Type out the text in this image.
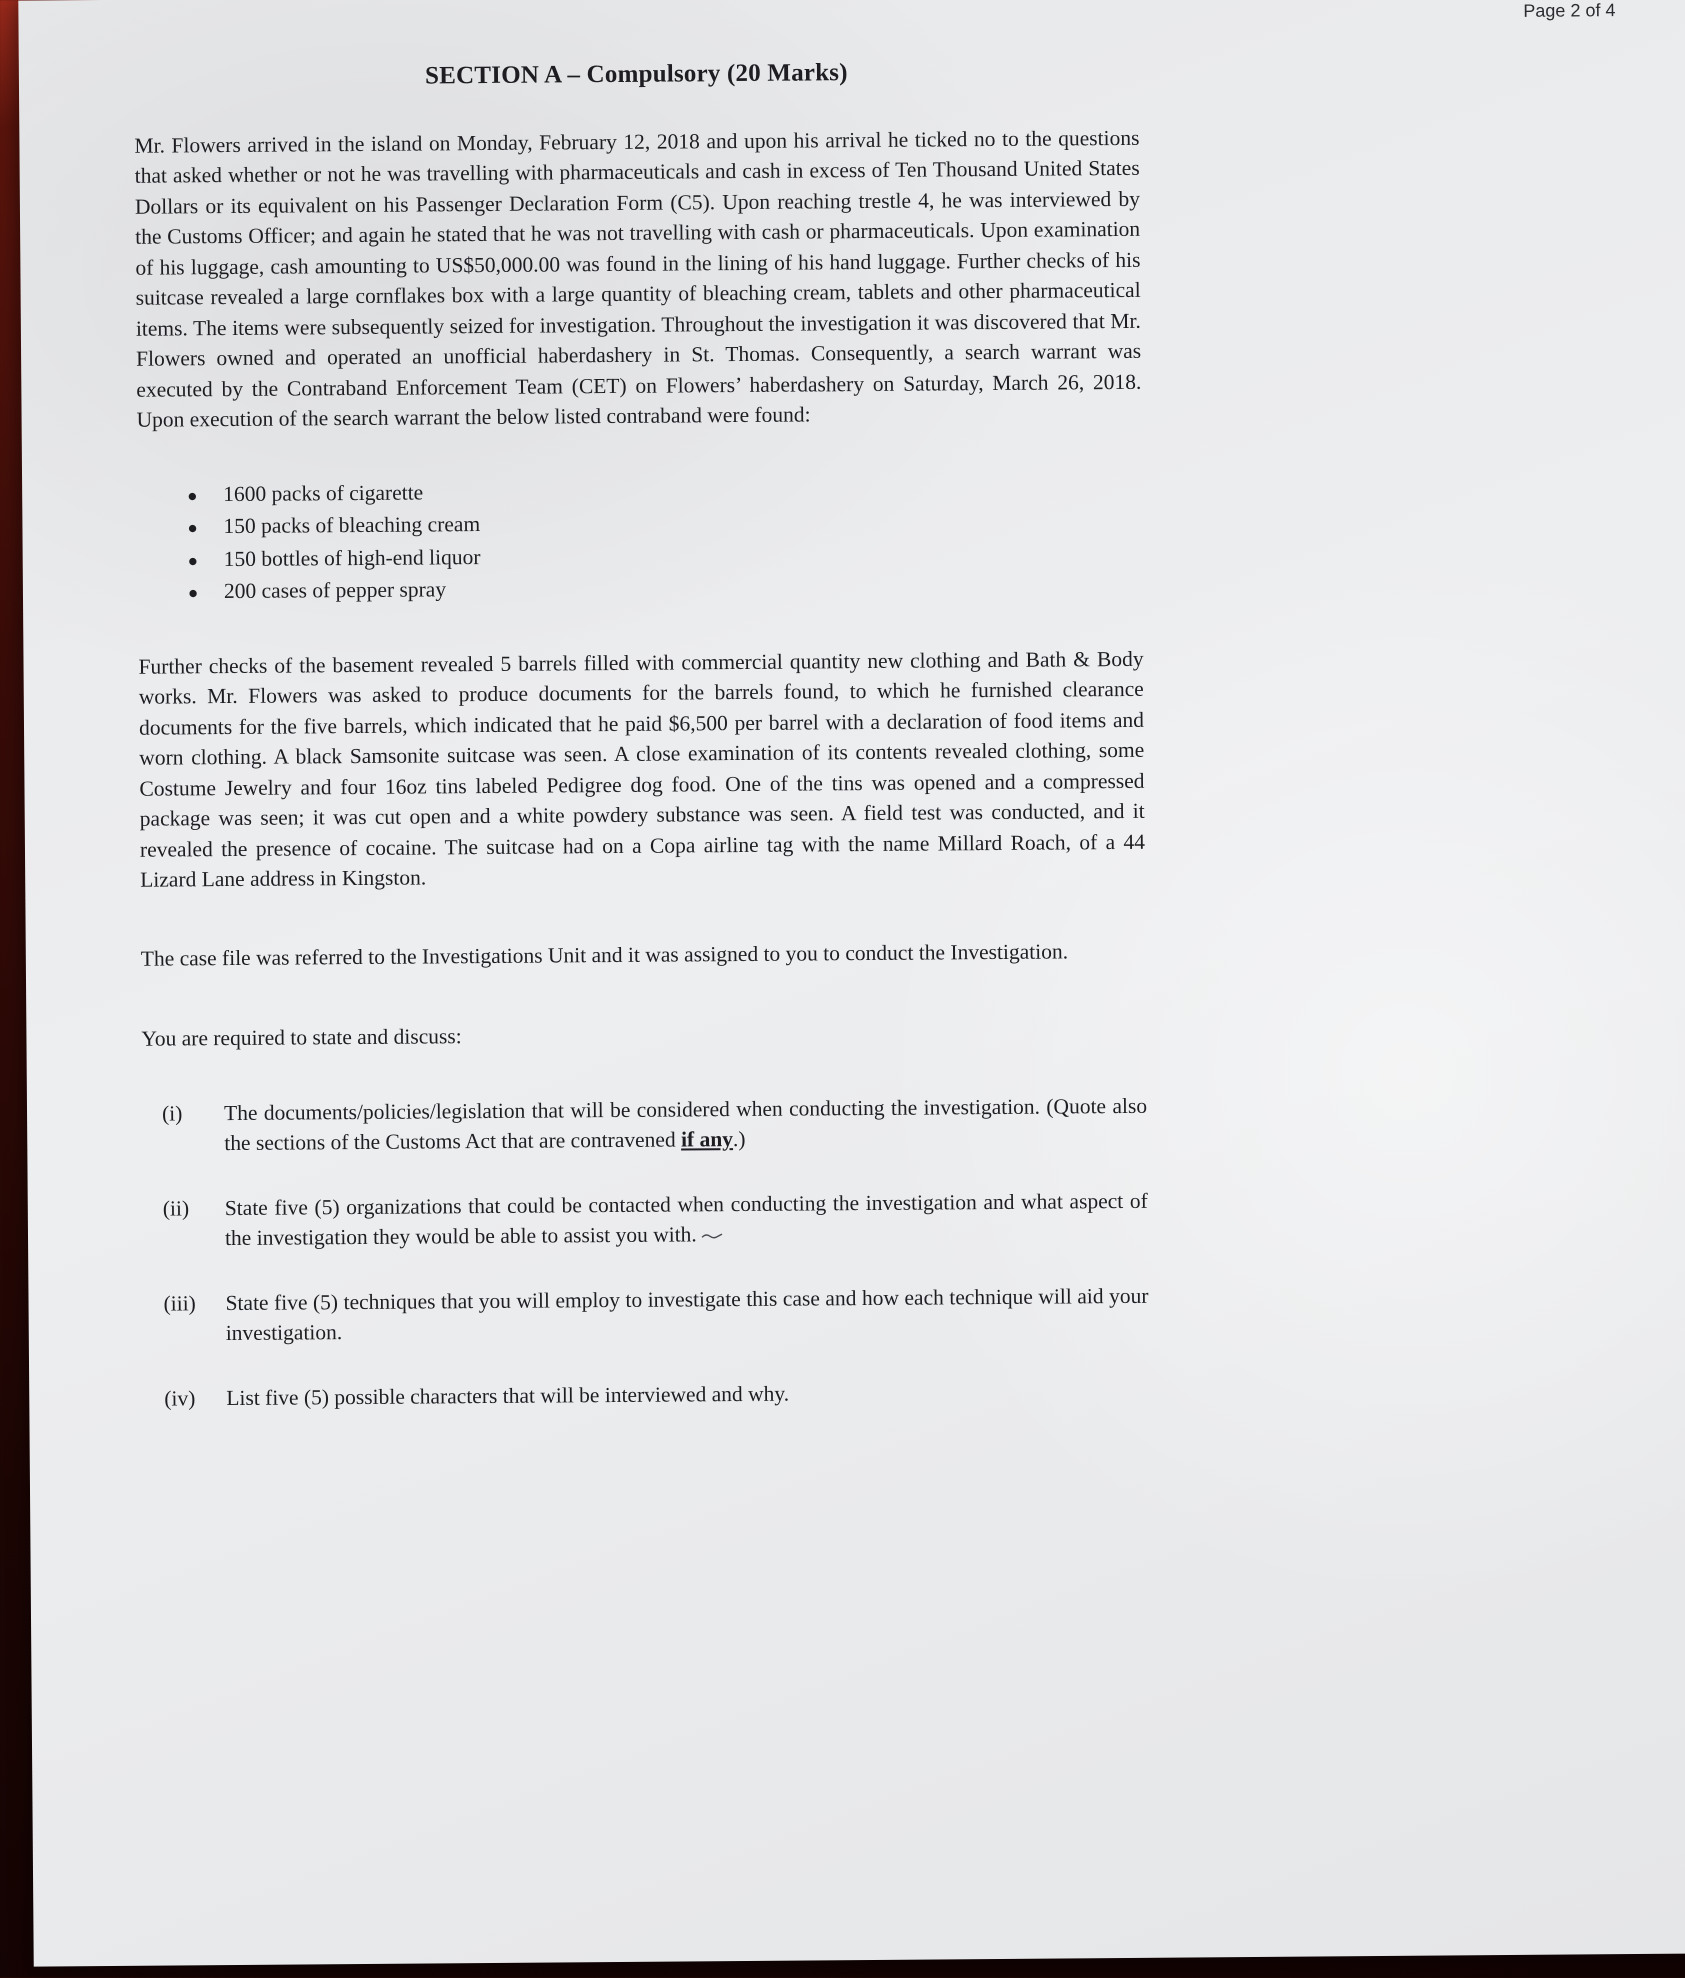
Page 2 of 4
SECTION A – Compulsory (20 Marks)

Mr. Flowers arrived in the island on Monday, February 12, 2018 and upon his arrival he ticked no to the questions that asked whether or not he was travelling with pharmaceuticals and cash in excess of Ten Thousand United States Dollars or its equivalent on his Passenger Declaration Form (C5). Upon reaching trestle 4, he was interviewed by the Customs Officer; and again he stated that he was not travelling with cash or pharmaceuticals. Upon examination of his luggage, cash amounting to US$50,000.00 was found in the lining of his hand luggage. Further checks of his suitcase revealed a large cornflakes box with a large quantity of bleaching cream, tablets and other pharmaceutical items. The items were subsequently seized for investigation. Throughout the investigation it was discovered that Mr. Flowers owned and operated an unofficial haberdashery in St. Thomas. Consequently, a search warrant was executed by the Contraband Enforcement Team (CET) on Flowers’ haberdashery on Saturday, March 26, 2018. Upon execution of the search warrant the below listed contraband were found:

●	1600 packs of cigarette
●	150 packs of bleaching cream
●	150 bottles of high-end liquor
●	200 cases of pepper spray

Further checks of the basement revealed 5 barrels filled with commercial quantity new clothing and Bath & Body works. Mr. Flowers was asked to produce documents for the barrels found, to which he furnished clearance documents for the five barrels, which indicated that he paid $6,500 per barrel with a declaration of food items and worn clothing. A black Samsonite suitcase was seen. A close examination of its contents revealed clothing, some Costume Jewelry and four 16oz tins labeled Pedigree dog food. One of the tins was opened and a compressed package was seen; it was cut open and a white powdery substance was seen. A field test was conducted, and it revealed the presence of cocaine. The suitcase had on a Copa airline tag with the name Millard Roach, of a 44 Lizard Lane address in Kingston.

The case file was referred to the Investigations Unit and it was assigned to you to conduct the Investigation.

You are required to state and discuss:

(i)	The documents/policies/legislation that will be considered when conducting the investigation. (Quote also the sections of the Customs Act that are contravened if any.)
(ii)	State five (5) organizations that could be contacted when conducting the investigation and what aspect of the investigation they would be able to assist you with.
(iii)	State five (5) techniques that you will employ to investigate this case and how each technique will aid your investigation.
(iv)	List five (5) possible characters that will be interviewed and why.
